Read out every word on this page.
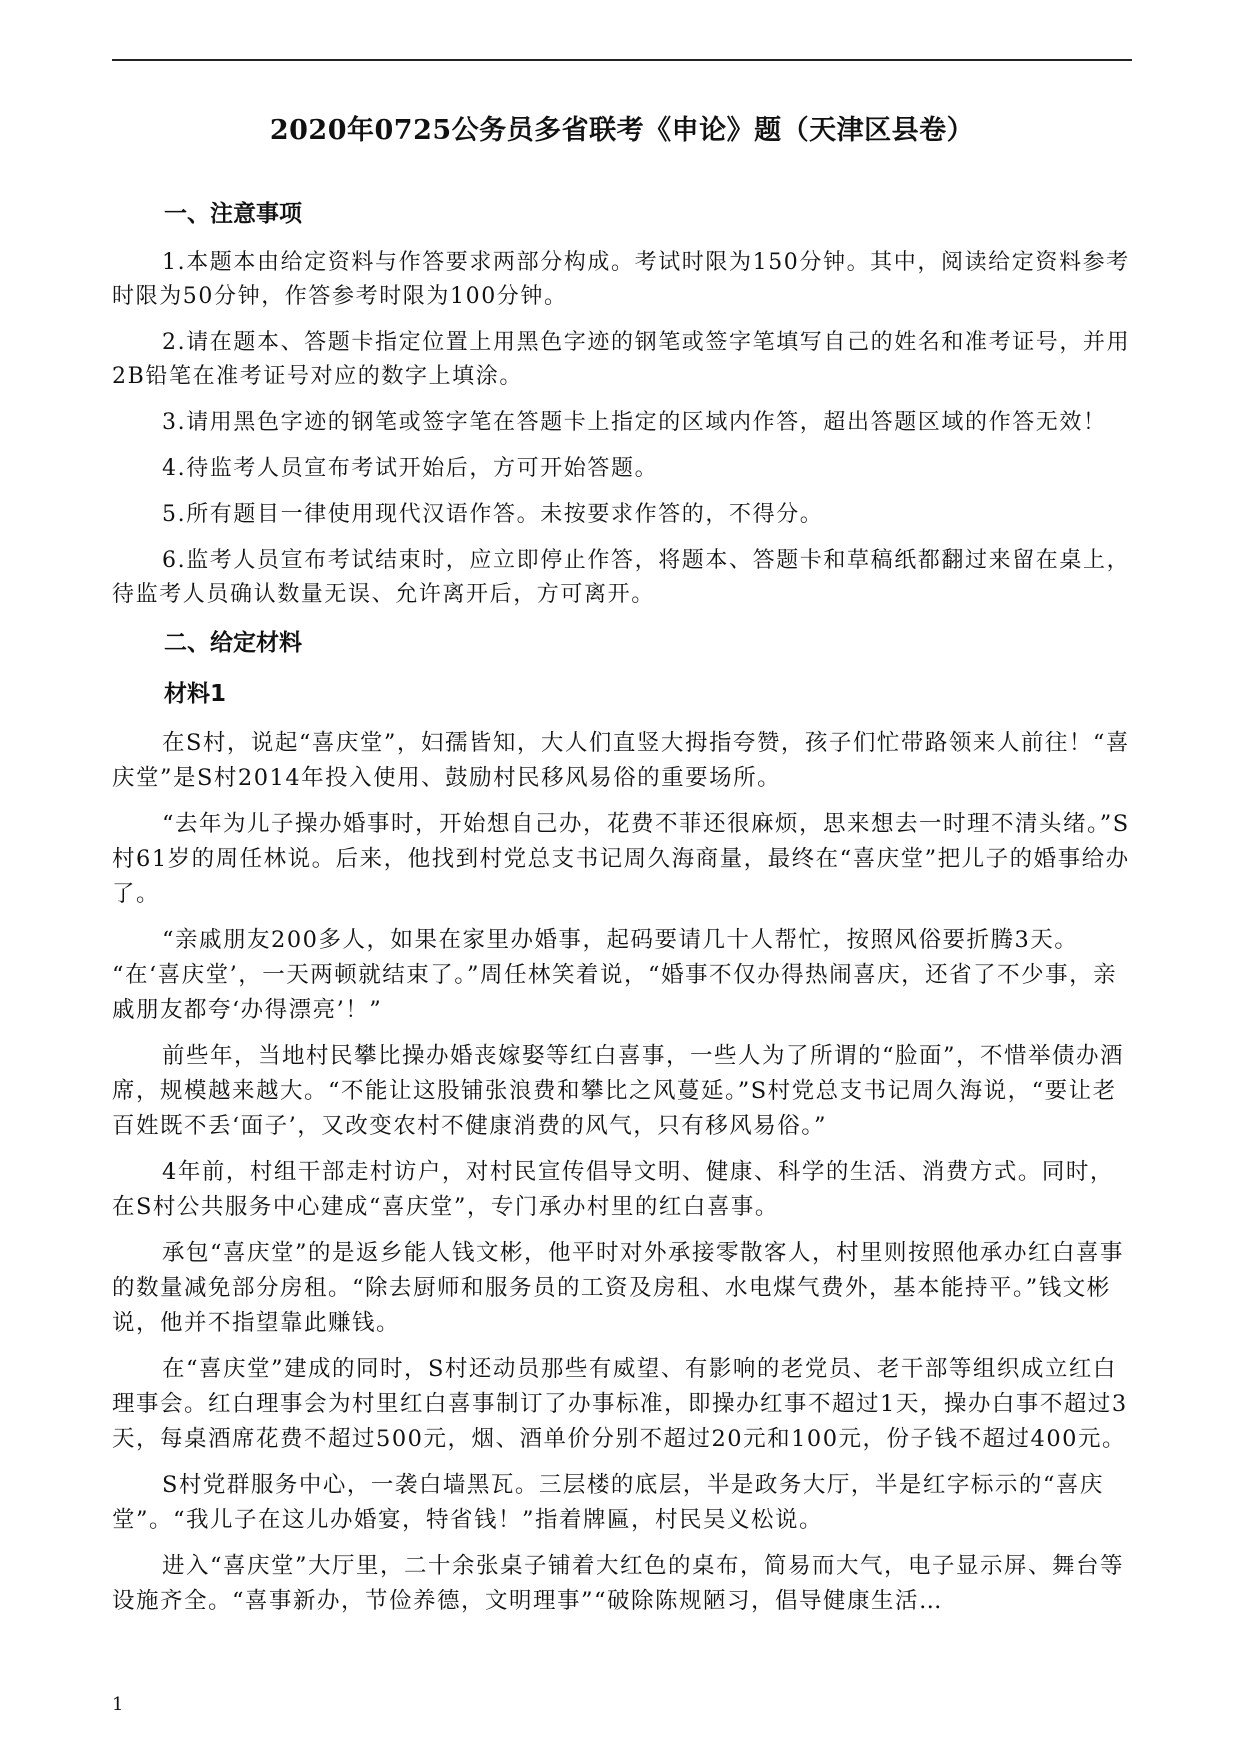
2020年0725公务员多省联考《申论》题（天津区县卷）
一、注意事项

1.本题本由给定资料与作答要求两部分构成。考试时限为150分钟。其中，阅读给定资料参考时限为50分钟，作答参考时限为100分钟。

2.请在题本、答题卡指定位置上用黑色字迹的钢笔或签字笔填写自己的姓名和准考证号，并用2B铅笔在准考证号对应的数字上填涂。

3.请用黑色字迹的钢笔或签字笔在答题卡上指定的区域内作答，超出答题区域的作答无效！

4.待监考人员宣布考试开始后，方可开始答题。

5.所有题目一律使用现代汉语作答。未按要求作答的，不得分。

6.监考人员宣布考试结束时，应立即停止作答，将题本、答题卡和草稿纸都翻过来留在桌上，待监考人员确认数量无误、允许离开后，方可离开。

二、给定材料
材料1

在S村，说起“喜庆堂”，妇孺皆知，大人们直竖大拇指夸赞，孩子们忙带路领来人前往！“喜庆堂”是S村2014年投入使用、鼓励村民移风易俗的重要场所。

“去年为儿子操办婚事时，开始想自己办，花费不菲还很麻烦，思来想去一时理不清头绪。”S村61岁的周任林说。后来，他找到村党总支书记周久海商量，最终在“喜庆堂”把儿子的婚事给办了。

“亲戚朋友200多人，如果在家里办婚事，起码要请几十人帮忙，按照风俗要折腾3天。 “在‘喜庆堂’，一天两顿就结束了。”周任林笑着说，“婚事不仅办得热闹喜庆，还省了不少事，亲戚朋友都夸‘办得漂亮’！”

前些年，当地村民攀比操办婚丧嫁娶等红白喜事，一些人为了所谓的“脸面”，不惜举债办酒席，规模越来越大。“不能让这股铺张浪费和攀比之风蔓延。”S村党总支书记周久海说，“要让老百姓既不丢‘面子’，又改变农村不健康消费的风气，只有移风易俗。”

4年前，村组干部走村访户，对村民宣传倡导文明、健康、科学的生活、消费方式。同时，在S村公共服务中心建成“喜庆堂”，专门承办村里的红白喜事。

承包“喜庆堂”的是返乡能人钱文彬，他平时对外承接零散客人，村里则按照他承办红白喜事的数量减免部分房租。“除去厨师和服务员的工资及房租、水电煤气费外，基本能持平。”钱文彬说，他并不指望靠此赚钱。

在“喜庆堂”建成的同时，S村还动员那些有威望、有影响的老党员、老干部等组织成立红白理事会。红白理事会为村里红白喜事制订了办事标准，即操办红事不超过1天，操办白事不超过3天，每桌酒席花费不超过500元，烟、酒单价分别不超过20元和100元，份子钱不超过400元。

S村党群服务中心，一袭白墙黑瓦。三层楼的底层，半是政务大厅，半是红字标示的“喜庆堂”。“我儿子在这儿办婚宴，特省钱！”指着牌匾，村民吴义松说。

进入“喜庆堂”大厅里，二十余张桌子铺着大红色的桌布，简易而大气，电子显示屏、舞台等设施齐全。“喜事新办，节俭养德，文明理事”“破除陈规陋习，倡导健康生活…

1
